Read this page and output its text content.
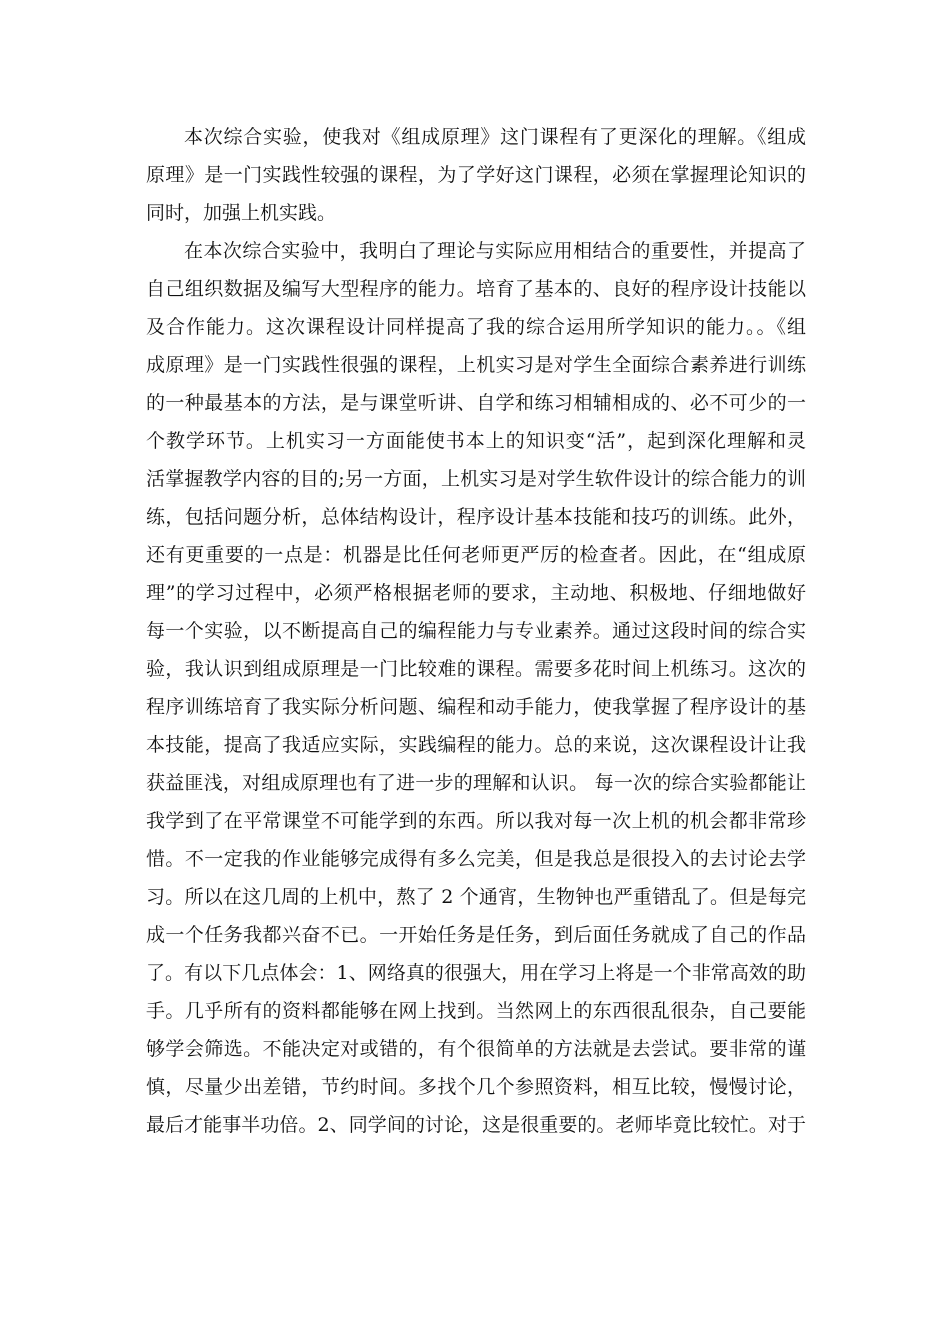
本次综合实验，使我对《组成原理》这门课程有了更深化的理解。《组成
原理》是一门实践性较强的课程，为了学好这门课程，必须在掌握理论知识的
同时，加强上机实践。
在本次综合实验中，我明白了理论与实际应用相结合的重要性，并提高了
自己组织数据及编写大型程序的能力。培育了基本的、良好的程序设计技能以
及合作能力。这次课程设计同样提高了我的综合运用所学知识的能力。。《组
成原理》是一门实践性很强的课程，上机实习是对学生全面综合素养进行训练
的一种最基本的方法，是与课堂听讲、自学和练习相辅相成的、必不可少的一
个教学环节。上机实习一方面能使书本上的知识变“活”，起到深化理解和灵
活掌握教学内容的目的;另一方面，上机实习是对学生软件设计的综合能力的训
练，包括问题分析，总体结构设计，程序设计基本技能和技巧的训练。此外，
还有更重要的一点是：机器是比任何老师更严厉的检查者。因此，在“组成原
理”的学习过程中，必须严格根据老师的要求，主动地、积极地、仔细地做好
每一个实验，以不断提高自己的编程能力与专业素养。通过这段时间的综合实
验，我认识到组成原理是一门比较难的课程。需要多花时间上机练习。这次的
程序训练培育了我实际分析问题、编程和动手能力，使我掌握了程序设计的基
本技能，提高了我适应实际，实践编程的能力。总的来说，这次课程设计让我
获益匪浅，对组成原理也有了进一步的理解和认识。 每一次的综合实验都能让
我学到了在平常课堂不可能学到的东西。所以我对每一次上机的机会都非常珍
惜。不一定我的作业能够完成得有多么完美，但是我总是很投入的去讨论去学
习。所以在这几周的上机中，熬了 2 个通宵，生物钟也严重错乱了。但是每完
成一个任务我都兴奋不已。一开始任务是任务，到后面任务就成了自己的作品
了。有以下几点体会：1、网络真的很强大，用在学习上将是一个非常高效的助
手。几乎所有的资料都能够在网上找到。当然网上的东西很乱很杂，自己要能
够学会筛选。不能决定对或错的，有个很简单的方法就是去尝试。要非常的谨
慎，尽量少出差错，节约时间。多找个几个参照资料，相互比较，慢慢讨论，
最后才能事半功倍。2、同学间的讨论，这是很重要的。老师毕竟比较忙。对于
